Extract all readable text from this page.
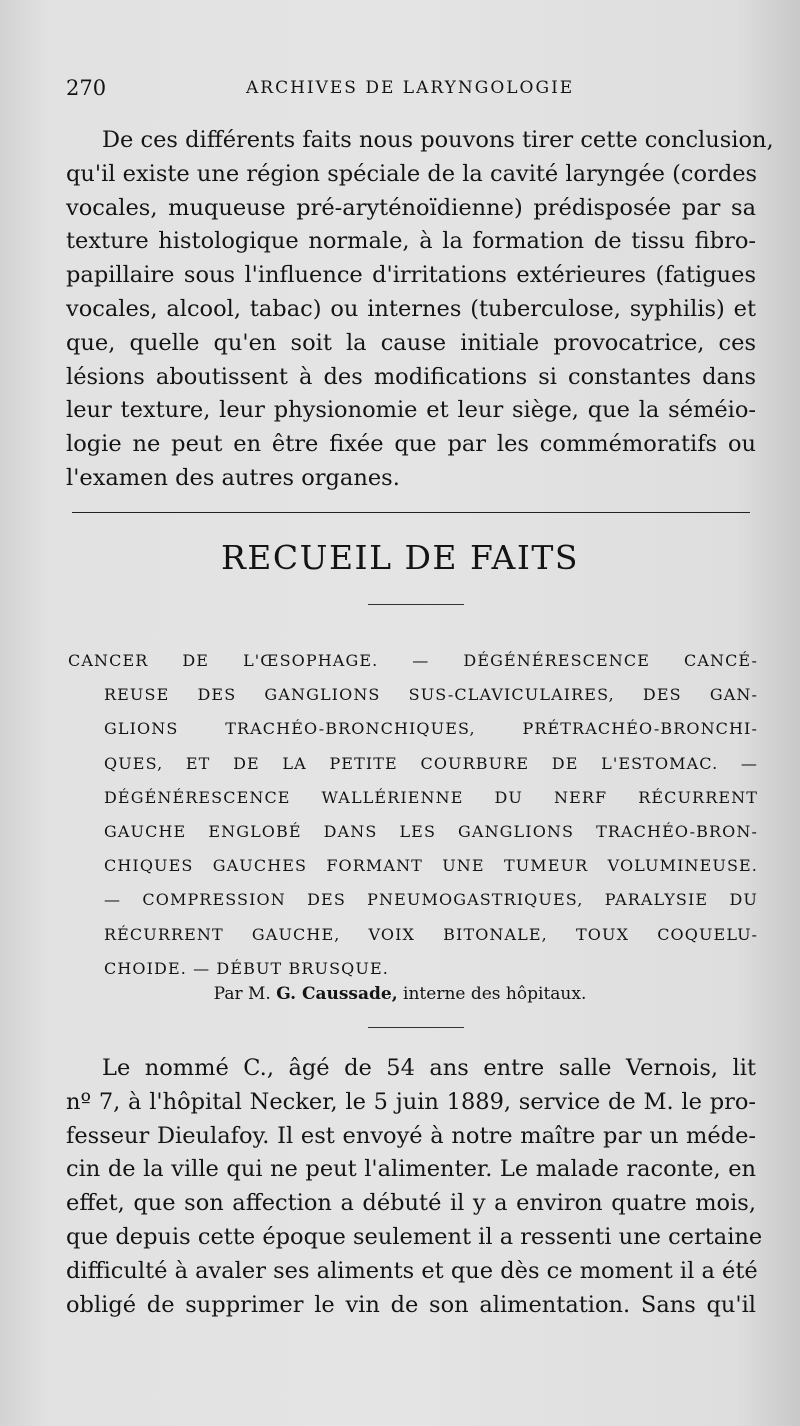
270	ARCHIVES DE LARYNGOLOGIE

De ces différents faits nous pouvons tirer cette conclusion,
qu'il existe une région spéciale de la cavité laryngée (cordes
vocales, muqueuse pré-aryténoïdienne) prédisposée par sa
texture histologique normale, à la formation de tissu fibro-
papillaire sous l'influence d'irritations extérieures (fatigues
vocales, alcool, tabac) ou internes (tuberculose, syphilis) et
que, quelle qu'en soit la cause initiale provocatrice, ces
lésions aboutissent à des modifications si constantes dans
leur texture, leur physionomie et leur siège, que la séméio-
logie ne peut en être fixée que par les commémoratifs ou
l'examen des autres organes.

RECUEIL DE FAITS
CANCER DE L'ŒSOPHAGE. — DÉGÉNÉRESCENCE CANCÉ-
REUSE DES GANGLIONS SUS-CLAVICULAIRES, DES GAN-
GLIONS TRACHÉO-BRONCHIQUES, PRÉTRACHÉO-BRONCHI-
QUES, ET DE LA PETITE COURBURE DE L'ESTOMAC. —
DÉGÉNÉRESCENCE WALLÉRIENNE DU NERF RÉCURRENT
GAUCHE ENGLOBÉ DANS LES GANGLIONS TRACHÉO-BRON-
CHIQUES GAUCHES FORMANT UNE TUMEUR VOLUMINEUSE.
— COMPRESSION DES PNEUMOGASTRIQUES, PARALYSIE DU
RÉCURRENT GAUCHE, VOIX BITONALE, TOUX COQUELU-
CHOIDE. — DÉBUT BRUSQUE.
Par M. G. Caussade, interne des hôpitaux.

Le nommé C., âgé de 54 ans entre salle Vernois, lit
nº 7, à l'hôpital Necker, le 5 juin 1889, service de M. le pro-
fesseur Dieulafoy. Il est envoyé à notre maître par un méde-
cin de la ville qui ne peut l'alimenter. Le malade raconte, en
effet, que son affection a débuté il y a environ quatre mois,
que depuis cette époque seulement il a ressenti une certaine
difficulté à avaler ses aliments et que dès ce moment il a été
obligé de supprimer le vin de son alimentation. Sans qu'il
